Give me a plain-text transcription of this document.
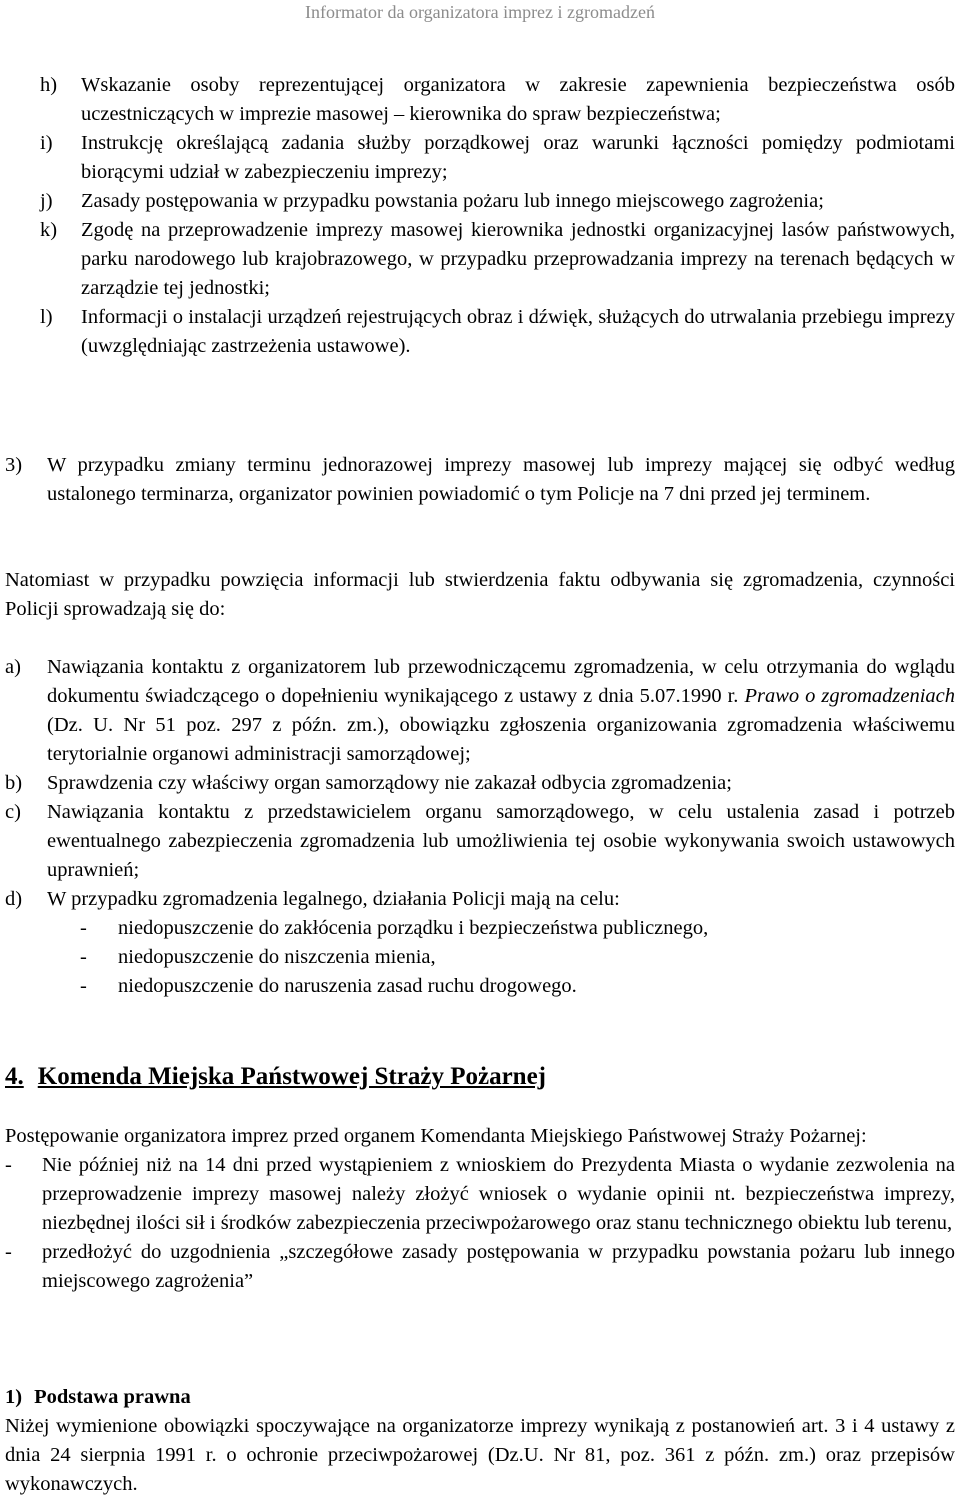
Informator da organizatora imprez i zgromadzeń
h) Wskazanie osoby reprezentującej organizatora w zakresie zapewnienia bezpieczeństwa osób uczestniczących w imprezie masowej – kierownika do spraw bezpieczeństwa;
i) Instrukcję określającą zadania służby porządkowej oraz warunki łączności pomiędzy podmiotami biorącymi udział w zabezpieczeniu imprezy;
j) Zasady postępowania w przypadku powstania pożaru lub innego miejscowego zagrożenia;
k) Zgodę na przeprowadzenie imprezy masowej kierownika jednostki organizacyjnej lasów państwowych, parku narodowego lub krajobrazowego, w przypadku przeprowadzania imprezy na terenach będących w zarządzie tej jednostki;
l) Informacji o instalacji urządzeń rejestrujących obraz i dźwięk, służących do utrwalania przebiegu imprezy (uwzględniając zastrzeżenia ustawowe).
3) W przypadku zmiany terminu jednorazowej imprezy masowej lub imprezy mającej się odbyć według ustalonego terminarza, organizator powinien powiadomić o tym Policje na 7 dni przed jej terminem.
Natomiast w przypadku powzięcia informacji lub stwierdzenia faktu odbywania się zgromadzenia, czynności Policji sprowadzają się do:
a) Nawiązania kontaktu z organizatorem lub przewodniczącemu zgromadzenia, w celu otrzymania do wglądu dokumentu świadczącego o dopełnieniu wynikającego z ustawy z dnia 5.07.1990 r. Prawo o zgromadzeniach (Dz. U. Nr 51 poz. 297 z późn. zm.), obowiązku zgłoszenia organizowania zgromadzenia właściwemu terytorialnie organowi administracji samorządowej;
b) Sprawdzenia czy właściwy organ samorządowy nie zakazał odbycia zgromadzenia;
c) Nawiązania kontaktu z przedstawicielem organu samorządowego, w celu ustalenia zasad i potrzeb ewentualnego zabezpieczenia zgromadzenia lub umożliwienia tej osobie wykonywania swoich ustawowych uprawnień;
d) W przypadku zgromadzenia legalnego, działania Policji mają na celu:
- niedopuszczenie do zakłócenia porządku i bezpieczeństwa publicznego,
- niedopuszczenie do niszczenia mienia,
- niedopuszczenie do naruszenia zasad ruchu drogowego.
4. Komenda Miejska Państwowej Straży Pożarnej
Postępowanie organizatora imprez przed organem Komendanta Miejskiego Państwowej Straży Pożarnej:
- Nie później niż na 14 dni przed wystąpieniem z wnioskiem do Prezydenta Miasta o wydanie zezwolenia na przeprowadzenie imprezy masowej należy złożyć wniosek o wydanie opinii nt. bezpieczeństwa imprezy, niezbędnej ilości sił i środków zabezpieczenia przeciwpożarowego oraz stanu technicznego obiektu lub terenu,
- przedłożyć do uzgodnienia „szczegółowe zasady postępowania w przypadku powstania pożaru lub innego miejscowego zagrożenia”
1) Podstawa prawna
Niżej wymienione obowiązki spoczywające na organizatorze imprezy wynikają z postanowień art. 3 i 4 ustawy z dnia 24 sierpnia 1991 r. o ochronie przeciwpożarowej (Dz.U. Nr 81, poz. 361 z późn. zm.) oraz przepisów wykonawczych.
